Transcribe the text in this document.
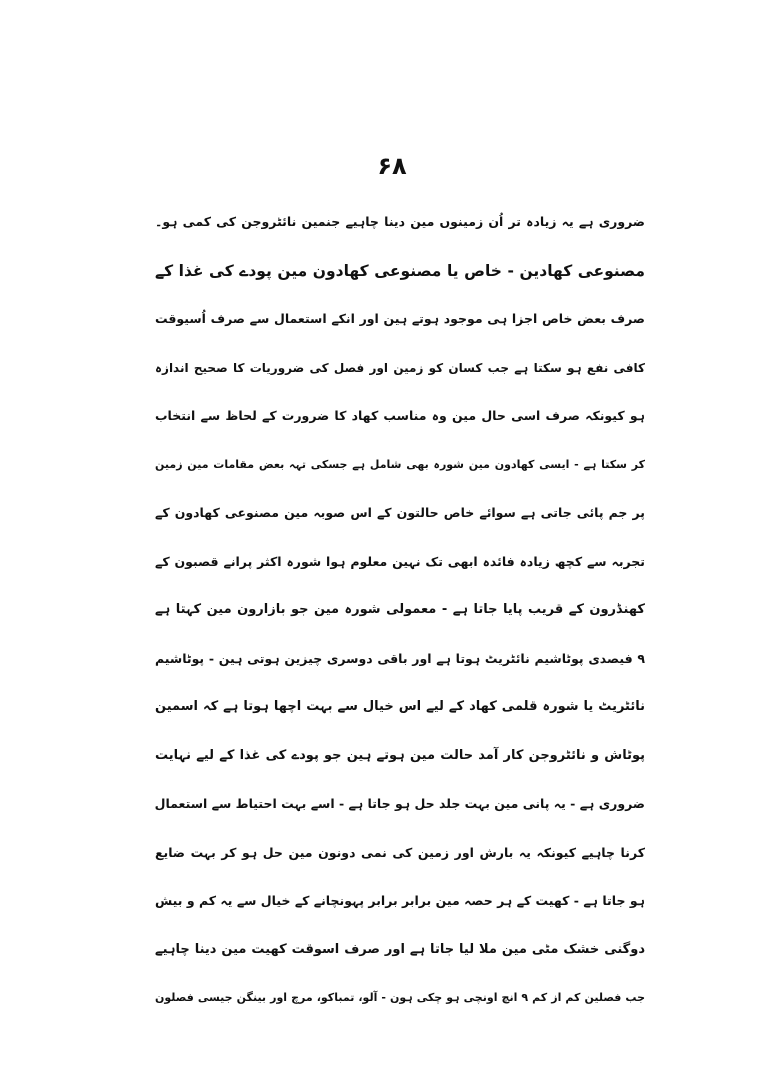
۶۸
ضروری ہے یہ زیادہ تر اُن زمینوں مین دینا چاہیے جنمین نائٹروجن کی کمی ہو۔
مصنوعی کھادین - خاص یا مصنوعی کھادون مین پودے کی غذا کے
صرف بعض خاص اجزا ہی موجود ہوتے ہین اور انکے استعمال سے صرف اُسیوقت
کافی نفع ہو سکتا ہے جب کسان کو زمین اور فصل کی ضروریات کا صحیح اندازہ
ہو کیونکہ صرف اسی حال مین وہ مناسب کھاد کا ضرورت کے لحاظ سے انتخاب
کر سکتا ہے - ایسی کھادون مین شورہ بھی شامل ہے جسکی تہہ بعض مقامات مین زمین
پر جم پائی جاتی ہے سوائے خاص حالتون کے اس صوبہ مین مصنوعی کھادون کے
تجربہ سے کچھ زیادہ فائدہ ابھی تک نہین معلوم ہوا شورہ اکثر پرانے قصبون کے
کھنڈرون کے قریب پایا جاتا ہے - معمولی شورہ مین جو بازارون مین کہتا ہے
۹ فیصدی پوٹاشیم نائٹریٹ ہوتا ہے اور باقی دوسری چیزین ہوتی ہین - پوٹاشیم
نائٹریٹ یا شورہ قلمی کھاد کے لیے اس خیال سے بہت اچھا ہوتا ہے کہ اسمین
پوٹاش و نائٹروجن کار آمد حالت مین ہوتے ہین جو پودے کی غذا کے لیے نہایت
ضروری ہے - یہ پانی مین بہت جلد حل ہو جاتا ہے - اسے بہت احتیاط سے استعمال
کرنا چاہیے کیونکہ یہ بارش اور زمین کی نمی دونون مین حل ہو کر بہت ضایع
ہو جاتا ہے - کھیت کے ہر حصہ مین برابر برابر پہونچانے کے خیال سے یہ کم و بیش
دوگنی خشک مٹی مین ملا لیا جاتا ہے اور صرف اسوقت کھیت مین دینا چاہیے
جب فصلین کم از کم ۹ انچ اونچی ہو چکی ہون - آلو، تمباکو، مرچ اور بینگن جیسی فصلون
